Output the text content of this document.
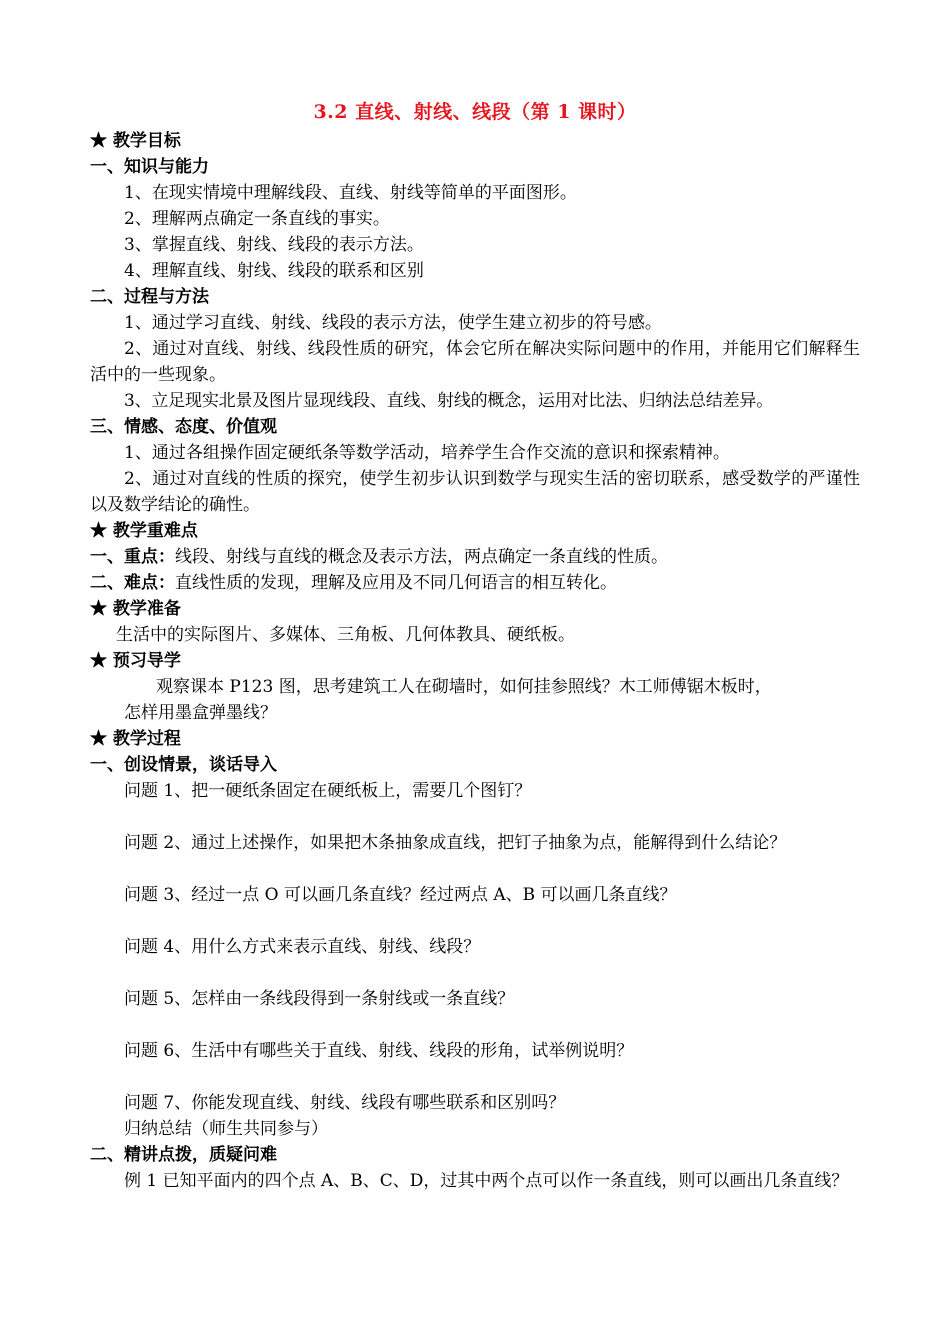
3.2 直线、射线、线段（第 1 课时）
★ 教学目标
一、知识与能力
1、在现实情境中理解线段、直线、射线等简单的平面图形。
2、理解两点确定一条直线的事实。
3、掌握直线、射线、线段的表示方法。
4、理解直线、射线、线段的联系和区别
二、过程与方法
1、通过学习直线、射线、线段的表示方法，使学生建立初步的符号感。
2、通过对直线、射线、线段性质的研究，体会它所在解决实际问题中的作用，并能用它们解释生活中的一些现象。
3、立足现实北景及图片显现线段、直线、射线的概念，运用对比法、归纳法总结差异。
三、情感、态度、价值观
1、通过各组操作固定硬纸条等数学活动，培养学生合作交流的意识和探索精神。
2、通过对直线的性质的探究，使学生初步认识到数学与现实生活的密切联系，感受数学的严谨性以及数学结论的确性。
★ 教学重难点
一、重点：线段、射线与直线的概念及表示方法，两点确定一条直线的性质。
二、难点：直线性质的发现，理解及应用及不同几何语言的相互转化。
★ 教学准备
生活中的实际图片、多媒体、三角板、几何体教具、硬纸板。
★ 预习导学
观察课本 P123 图，思考建筑工人在砌墙时，如何挂参照线？木工师傅锯木板时，
怎样用墨盒弹墨线？
★ 教学过程
一、创设情景，谈话导入
问题 1、把一硬纸条固定在硬纸板上，需要几个图钉？
问题 2、通过上述操作，如果把木条抽象成直线，把钉子抽象为点，能解得到什么结论？
问题 3、经过一点 O 可以画几条直线？经过两点 A、B 可以画几条直线？
问题 4、用什么方式来表示直线、射线、线段？
问题 5、怎样由一条线段得到一条射线或一条直线？
问题 6、生活中有哪些关于直线、射线、线段的形角，试举例说明？
问题 7、你能发现直线、射线、线段有哪些联系和区别吗？
归纳总结（师生共同参与）
二、精讲点拨，质疑问难
例 1 已知平面内的四个点 A、B、C、D，过其中两个点可以作一条直线，则可以画出几条直线？
